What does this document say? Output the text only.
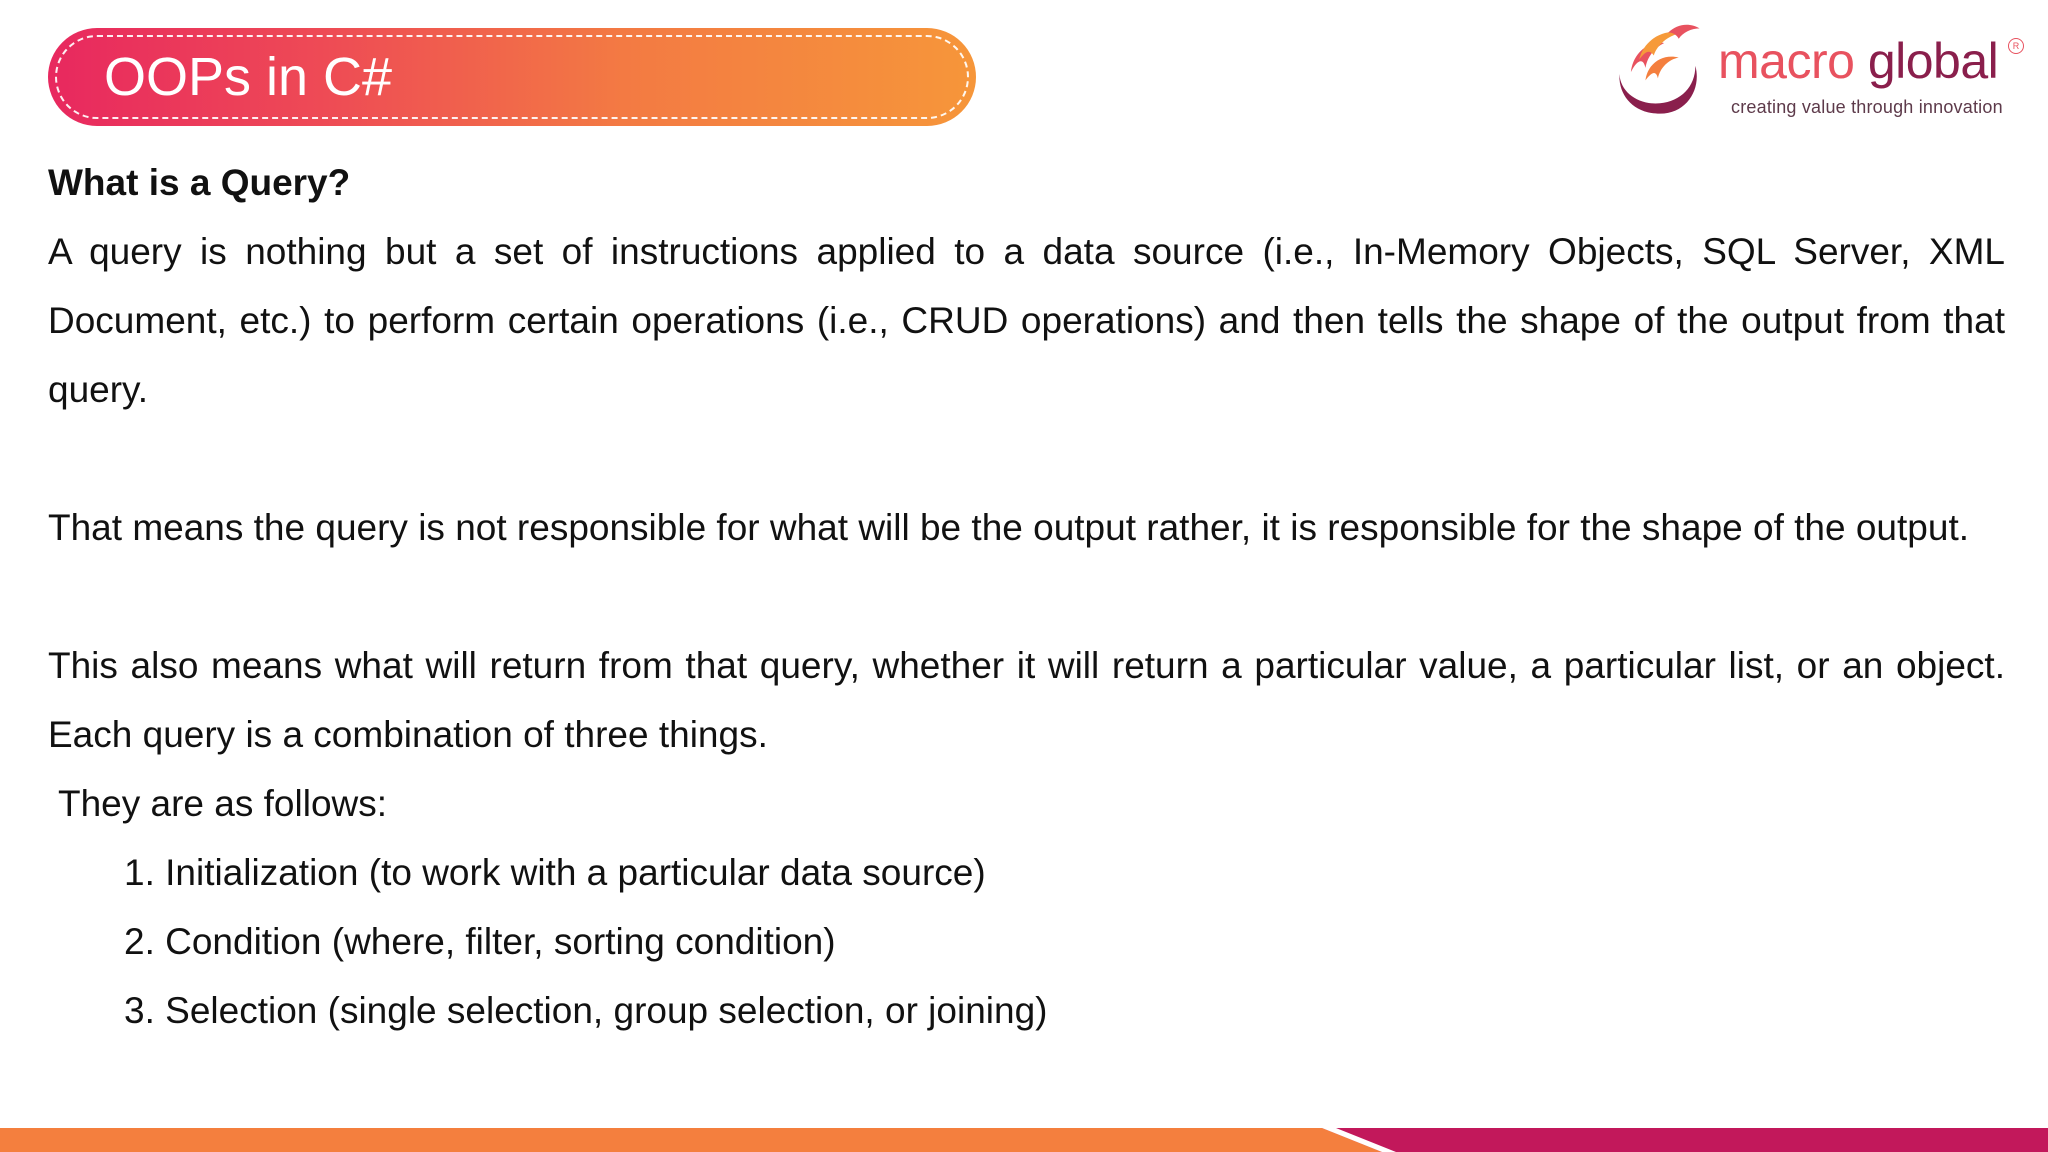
OOPs in C#	macro global	R
creating value through innovation

What is a Query?

A query is nothing but a set of instructions applied to a data source (i.e., In-Memory Objects, SQL Server, XML Document, etc.) to perform certain operations (i.e., CRUD operations) and then tells the shape of the output from that query.

That means the query is not responsible for what will be the output rather, it is responsible for the shape of the output.

This also means what will return from that query, whether it will return a particular value, a particular list, or an object. Each query is a combination of three things.

They are as follows:

1. Initialization (to work with a particular data source)
2. Condition (where, filter, sorting condition)
3. Selection (single selection, group selection, or joining)
